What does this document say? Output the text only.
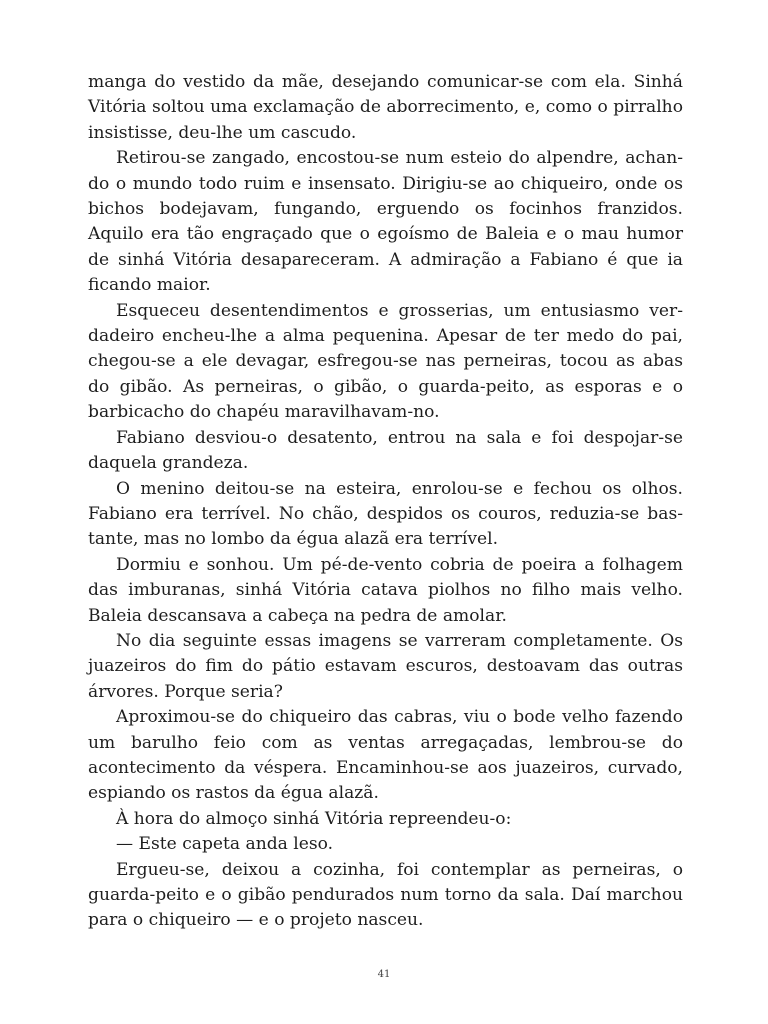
manga do vestido da mãe, desejando comunicar-se com ela. Sinhá Vitória soltou uma exclamação de aborrecimento, e, como o pirralho insistisse, deu-lhe um cascudo.

Retirou-se zangado, encostou-se num esteio do alpendre, achando o mundo todo ruim e insensato. Dirigiu-se ao chiqueiro, onde os bichos bodejavam, fungando, erguendo os focinhos franzidos. Aquilo era tão engraçado que o egoísmo de Baleia e o mau humor de sinhá Vitória desapareceram. A admiração a Fabiano é que ia ficando maior.

Esqueceu desentendimentos e grosserias, um entusiasmo verdadeiro encheu-lhe a alma pequenina. Apesar de ter medo do pai, chegou-se a ele devagar, esfregou-se nas perneiras, tocou as abas do gibão. As perneiras, o gibão, o guarda-peito, as esporas e o barbicacho do chapéu maravilhavam-no.

Fabiano desviou-o desatento, entrou na sala e foi despojar-se daquela grandeza.

O menino deitou-se na esteira, enrolou-se e fechou os olhos. Fabiano era terrível. No chão, despidos os couros, reduzia-se bastante, mas no lombo da égua alazã era terrível.

Dormiu e sonhou. Um pé-de-vento cobria de poeira a folhagem das imburanas, sinhá Vitória catava piolhos no filho mais velho. Baleia descansava a cabeça na pedra de amolar.

No dia seguinte essas imagens se varreram completamente. Os juazeiros do fim do pátio estavam escuros, destoavam das outras árvores. Porque seria?

Aproximou-se do chiqueiro das cabras, viu o bode velho fazendo um barulho feio com as ventas arregaçadas, lembrou-se do acontecimento da véspera. Encaminhou-se aos juazeiros, curvado, espiando os rastos da égua alazã.

À hora do almoço sinhá Vitória repreendeu-o:

— Este capeta anda leso.

Ergueu-se, deixou a cozinha, foi contemplar as perneiras, o guarda-peito e o gibão pendurados num torno da sala. Daí marchou para o chiqueiro — e o projeto nasceu.

41
